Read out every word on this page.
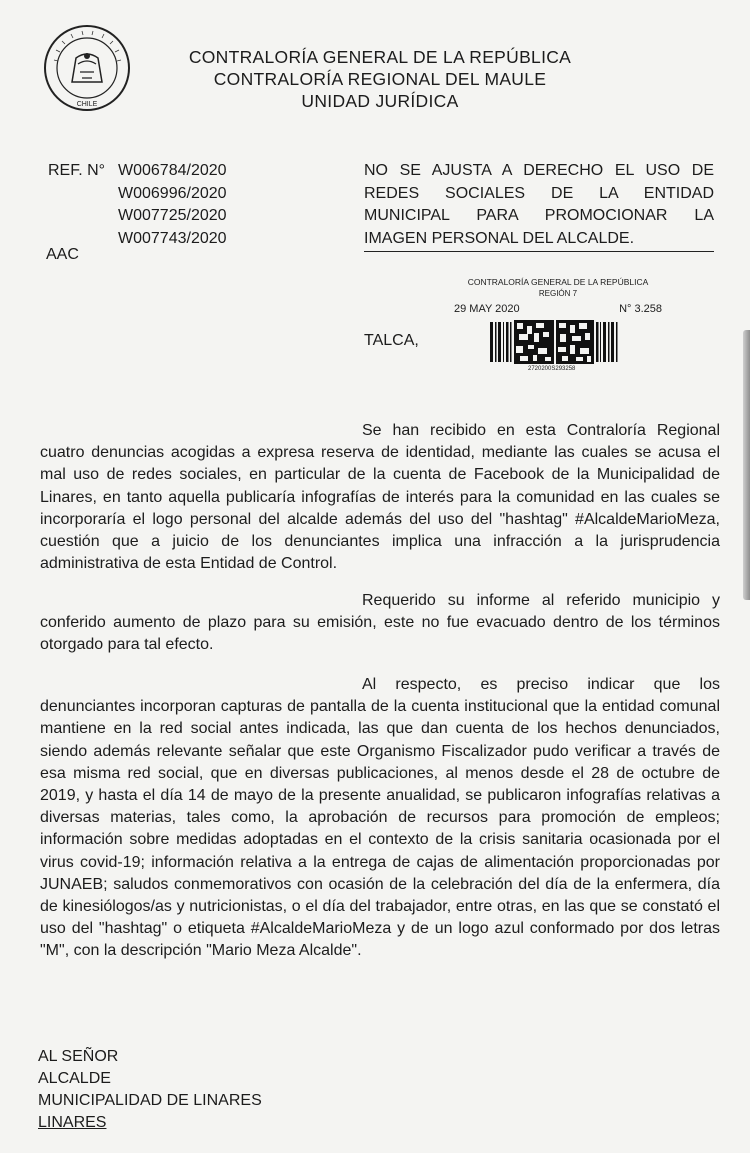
CHILE
CONTRALORÍA GENERAL DE LA REPÚBLICA
CONTRALORÍA REGIONAL DEL MAULE
UNIDAD JURÍDICA
REF. N° W006784/2020
W006996/2020
W007725/2020
W007743/2020
AAC
NO SE AJUSTA A DERECHO EL USO DE
REDES SOCIALES DE LA ENTIDAD
MUNICIPAL PARA PROMOCIONAR LA
IMAGEN PERSONAL DEL ALCALDE.
CONTRALORÍA GENERAL DE LA REPÚBLICA
REGIÓN 7
29 MAY 2020	N° 3.258
2720200S293258
TALCA,
Se han recibido en esta Contraloría Regional cuatro denuncias acogidas a expresa reserva de identidad, mediante las cuales se acusa el mal uso de redes sociales, en particular de la cuenta de Facebook de la Municipalidad de Linares, en tanto aquella publicaría infografías de interés para la comunidad en las cuales se incorporaría el logo personal del alcalde además del uso del "hashtag" #AlcaldeMarioMeza, cuestión que a juicio de los denunciantes implica una infracción a la jurisprudencia administrativa de esta Entidad de Control.
Requerido su informe al referido municipio y conferido aumento de plazo para su emisión, este no fue evacuado dentro de los términos otorgado para tal efecto.
Al respecto, es preciso indicar que los denunciantes incorporan capturas de pantalla de la cuenta institucional que la entidad comunal mantiene en la red social antes indicada, las que dan cuenta de los hechos denunciados, siendo además relevante señalar que este Organismo Fiscalizador pudo verificar a través de esa misma red social, que en diversas publicaciones, al menos desde el 28 de octubre de 2019, y hasta el día 14 de mayo de la presente anualidad, se publicaron infografías relativas a diversas materias, tales como, la aprobación de recursos para promoción de empleos; información sobre medidas adoptadas en el contexto de la crisis sanitaria ocasionada por el virus covid-19; información relativa a la entrega de cajas de alimentación proporcionadas por JUNAEB; saludos conmemorativos con ocasión de la celebración del día de la enfermera, día de kinesiólogos/as y nutricionistas, o el día del trabajador, entre otras, en las que se constató el uso del "hashtag" o etiqueta #AlcaldeMarioMeza y de un logo azul conformado por dos letras "M", con la descripción "Mario Meza Alcalde".
AL SEÑOR
ALCALDE
MUNICIPALIDAD DE LINARES
LINARES
